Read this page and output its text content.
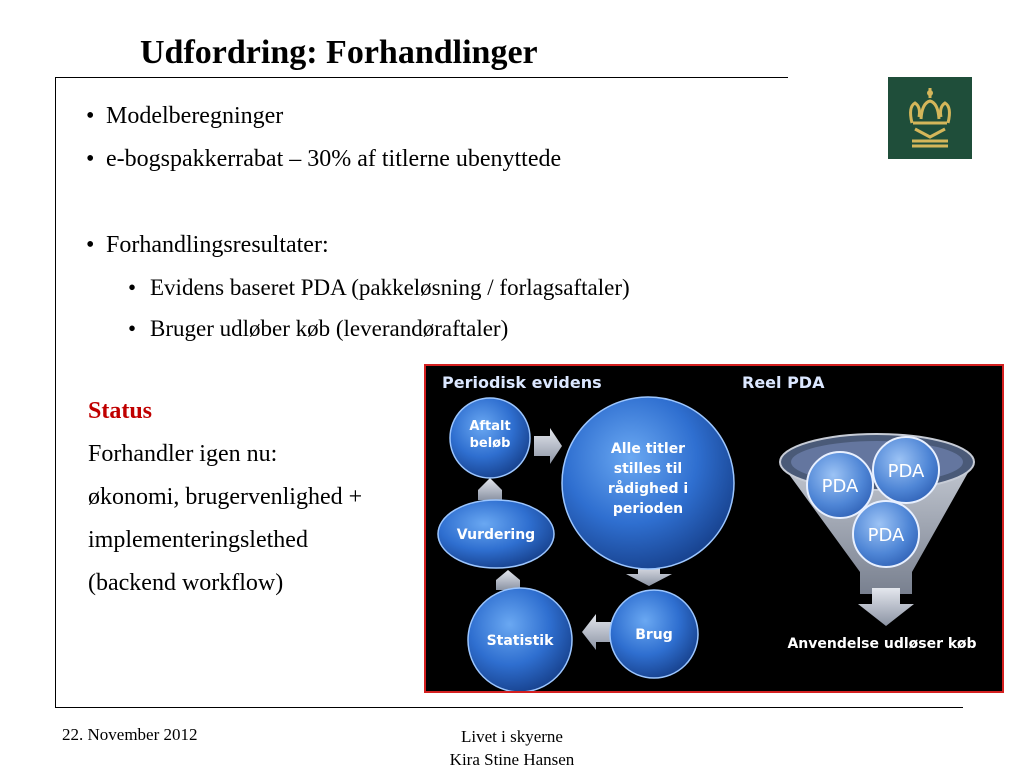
Udfordring: Forhandlinger
• Modelberegninger
• e-bogspakkerrabat – 30% af titlerne ubenyttede
• Forhandlingsresultater:
• Evidens baseret PDA (pakkeløsning / forlagsaftaler)
• Bruger udløber køb (leverandøraftaler)
Status
Forhandler igen nu:
økonomi, brugervenlighed +
implementeringslethed
(backend workflow)
Periodisk evidens	Reel PDA
Aftalt
beløb	Alle titler
stilles til
rådighed i
perioden
Brug
Statistik
Vurdering
PDA
PDA
PDA
Anvendelse udløser køb
22. November 2012	Livet i skyerne
Kira Stine Hansen
